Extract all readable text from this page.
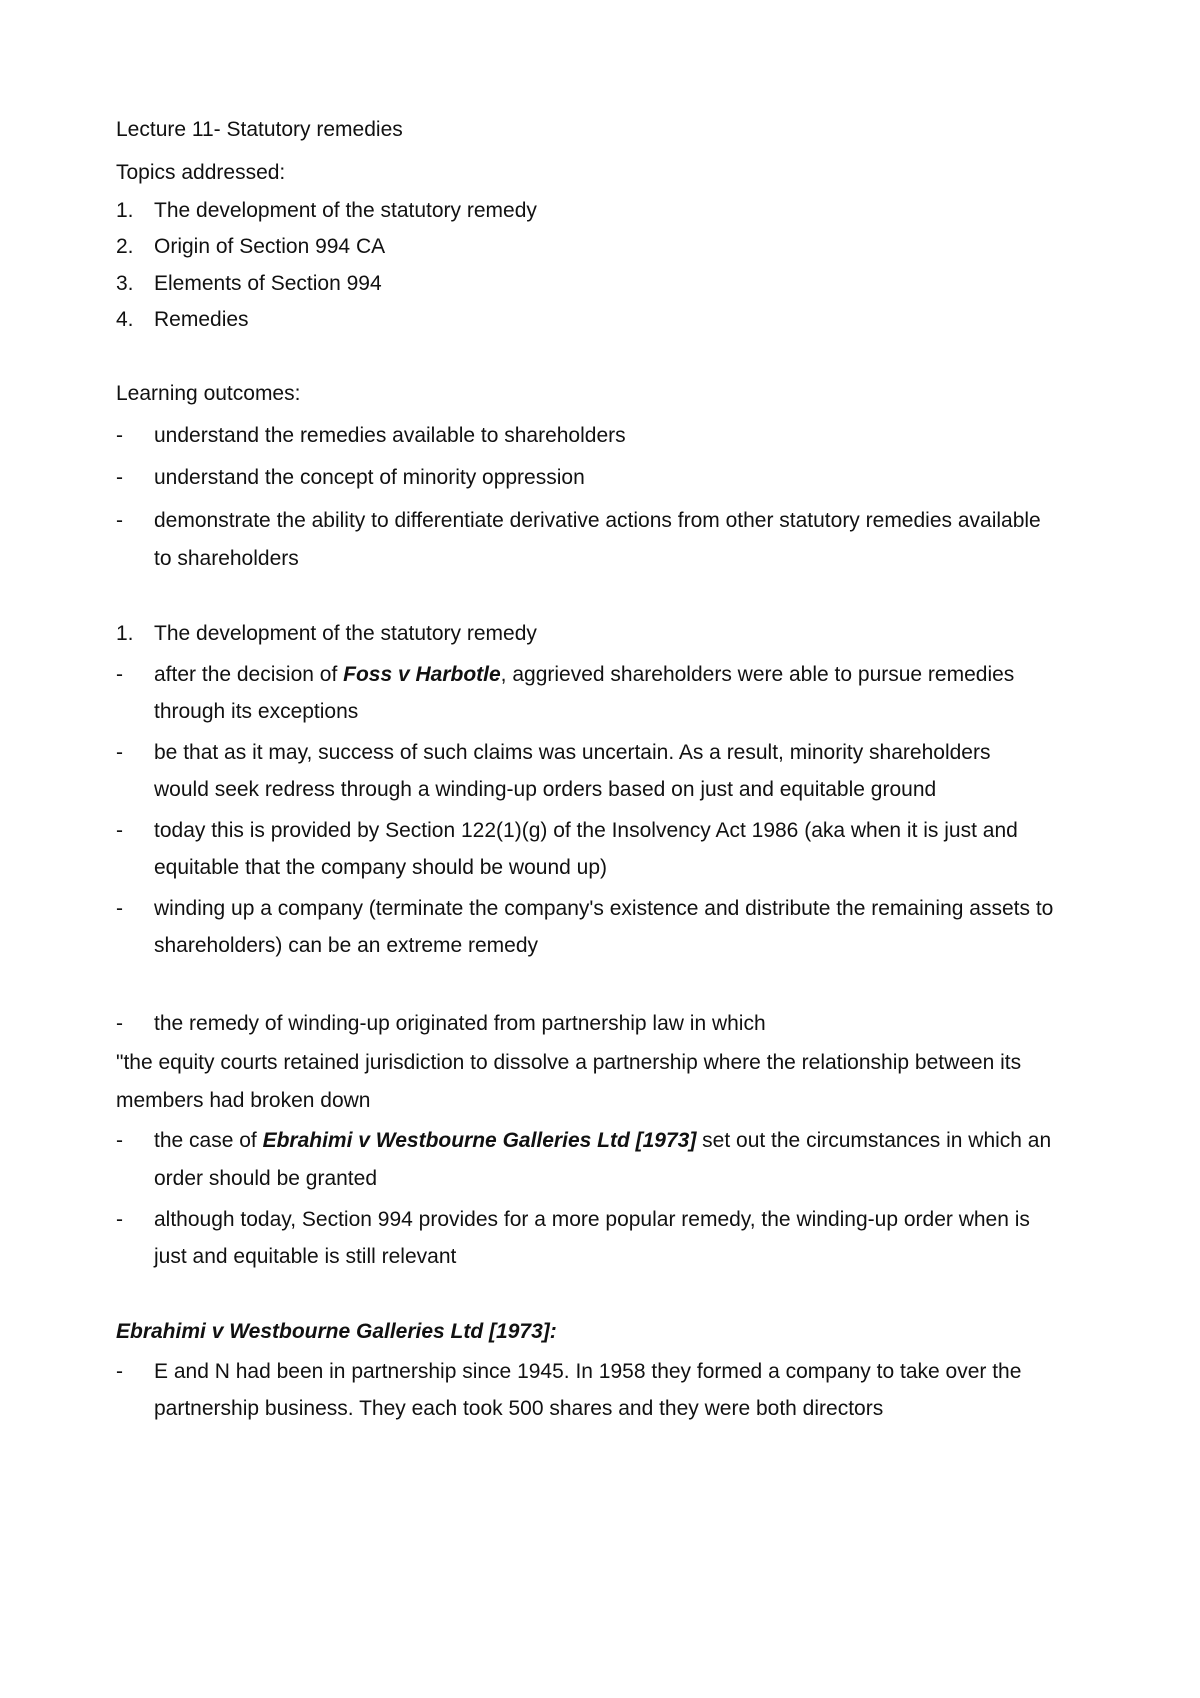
Lecture 11- Statutory remedies
Topics addressed:
1. The development of the statutory remedy
2. Origin of Section 994 CA
3. Elements of Section 994
4. Remedies
Learning outcomes:
-	understand the remedies available to shareholders
-	understand the concept of minority oppression
-	demonstrate the ability to differentiate derivative actions from other statutory remedies available
to shareholders
1. The development of the statutory remedy
-	after the decision of Foss v Harbotle, aggrieved shareholders were able to pursue remedies
through its exceptions
-	be that as it may, success of such claims was uncertain. As a result, minority shareholders
would seek redress through a winding-up orders based on just and equitable ground
-	today this is provided by Section 122(1)(g) of the Insolvency Act 1986 (aka when it is just and
equitable that the company should be wound up)
-	winding up a company (terminate the company's existence and distribute the remaining assets to
shareholders) can be an extreme remedy
-	the remedy of winding-up originated from partnership law in which
"the equity courts retained jurisdiction to dissolve a partnership where the relationship between its
members had broken down
-	the case of Ebrahimi v Westbourne Galleries Ltd [1973] set out the circumstances in which an
order should be granted
-	although today, Section 994 provides for a more popular remedy, the winding-up order when is
just and equitable is still relevant
Ebrahimi v Westbourne Galleries Ltd [1973]:
-	E and N had been in partnership since 1945. In 1958 they formed a company to take over the
partnership business. They each took 500 shares and they were both directors
